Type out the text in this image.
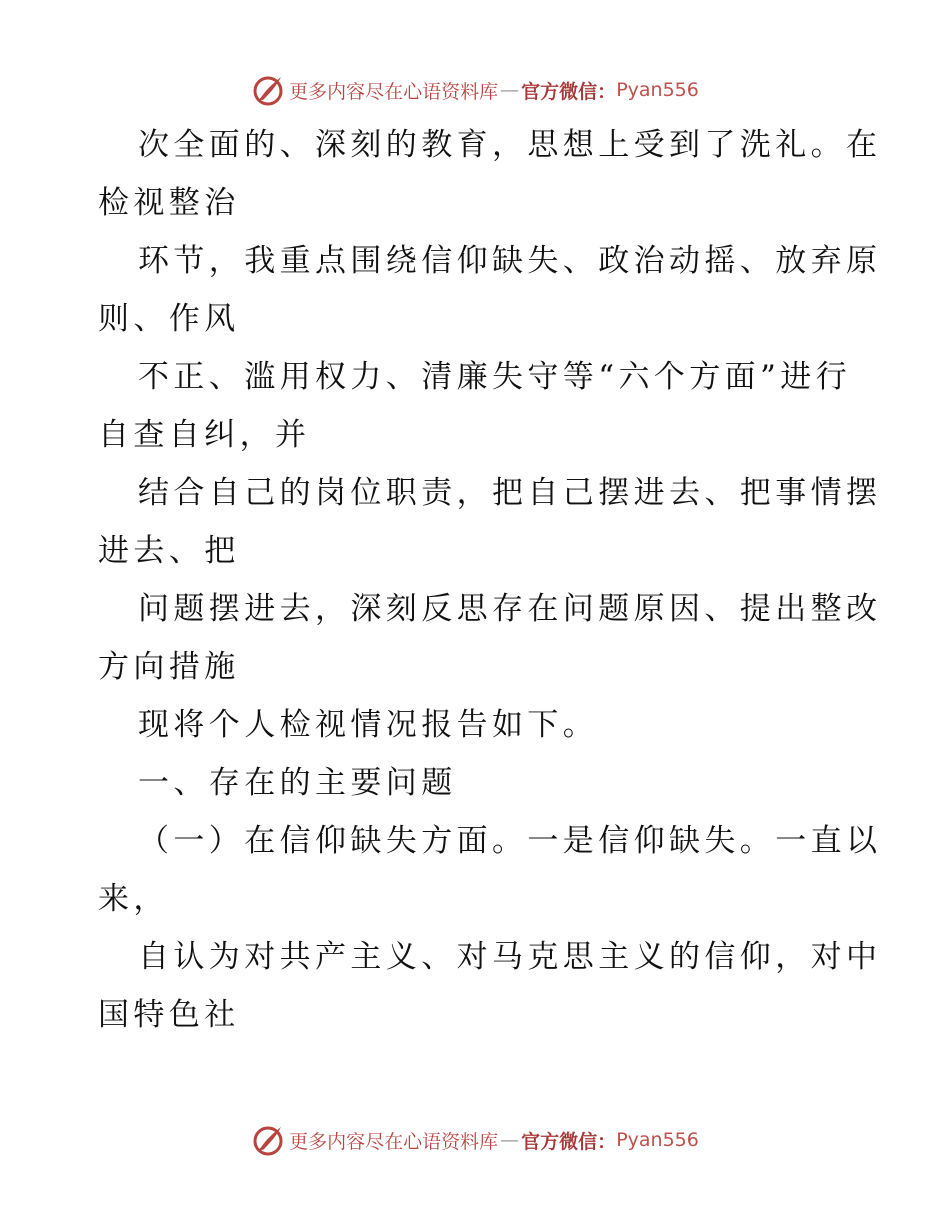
更多内容尽在心语资料库 — 官方微信： Pyan556
次全面的、深刻的教育，思想上受到了洗礼。在
检视整治
环节，我重点围绕信仰缺失、政治动摇、放弃原
则、作风
不正、滥用权力、清廉失守等“六个方面”进行
自查自纠，并
结合自己的岗位职责，把自己摆进去、把事情摆
进去、把
问题摆进去，深刻反思存在问题原因、提出整改
方向措施
现将个人检视情况报告如下。
一、存在的主要问题
（一）在信仰缺失方面。一是信仰缺失。一直以
来，
自认为对共产主义、对马克思主义的信仰，对中
国特色社
更多内容尽在心语资料库 — 官方微信： Pyan556
